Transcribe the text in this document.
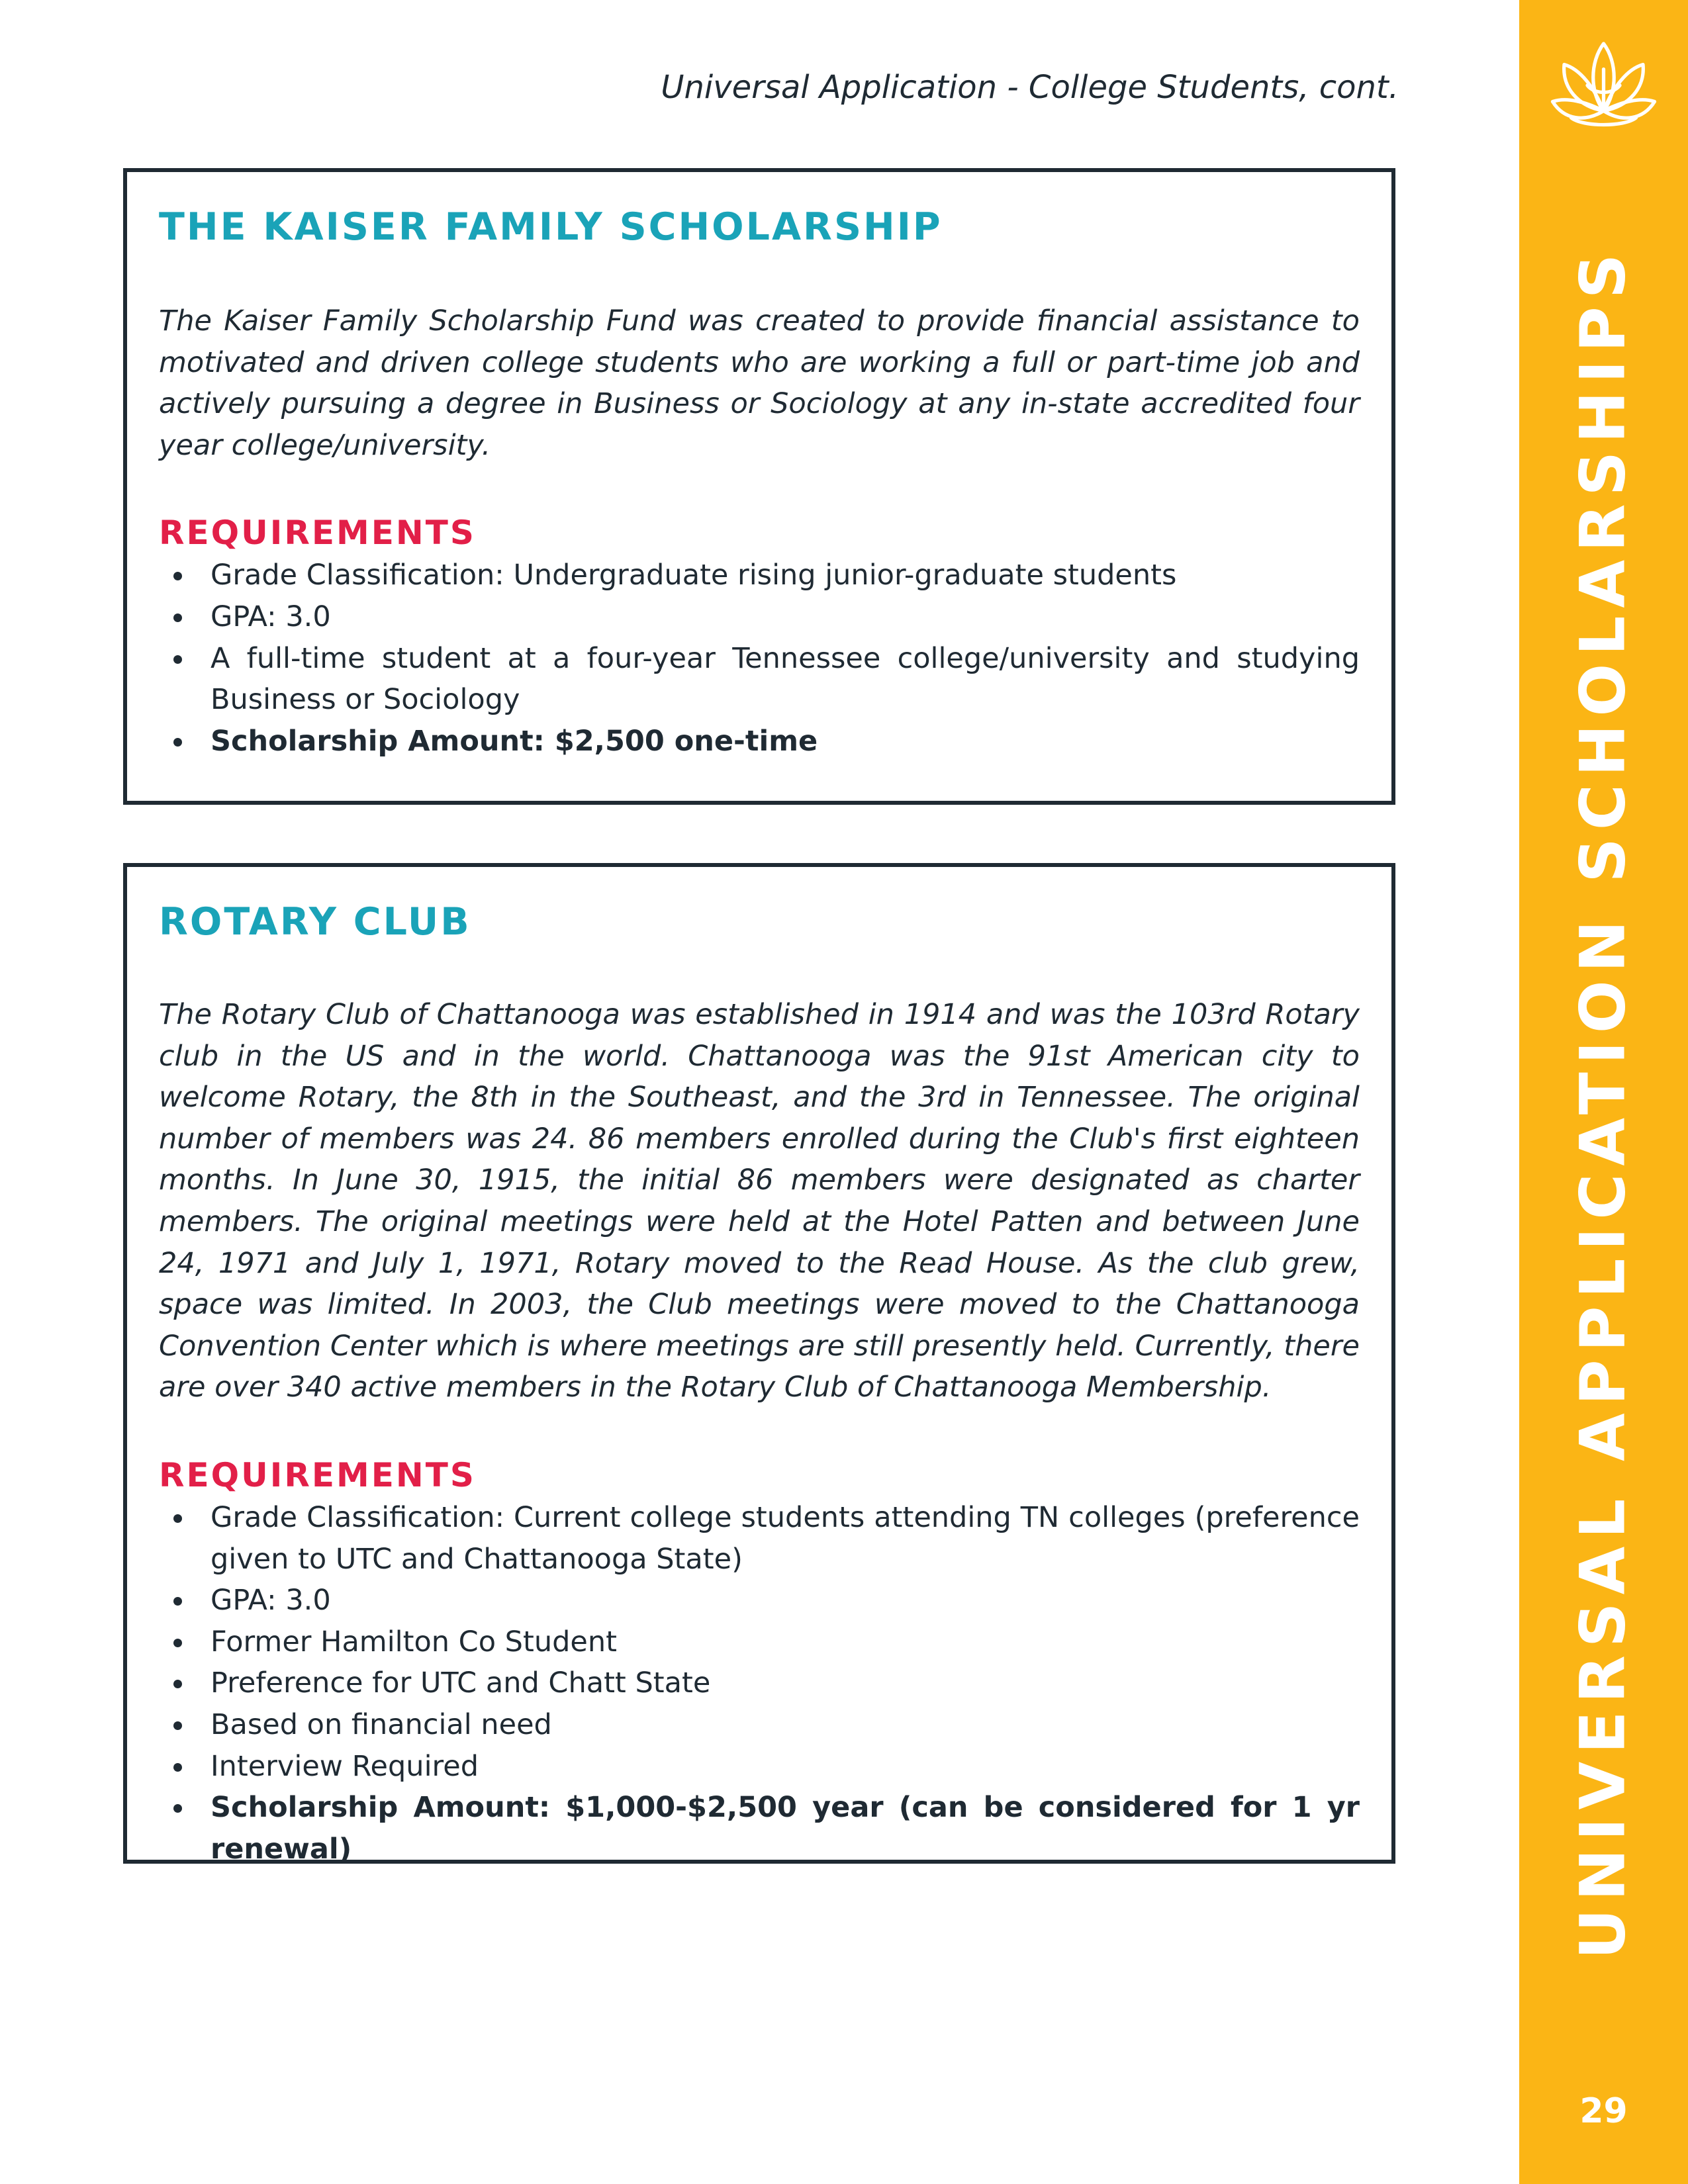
Universal Application - College Students, cont.
THE KAISER FAMILY SCHOLARSHIP

The Kaiser Family Scholarship Fund was created to provide financial assistance to motivated and driven college students who are working a full or part-time job and actively pursuing a degree in Business or Sociology at any in-state accredited four year college/university.

REQUIREMENTS
Grade Classification: Undergraduate rising junior-graduate students
GPA: 3.0
A full-time student at a four-year Tennessee college/university and studying Business or Sociology
Scholarship Amount: $2,500 one-time
ROTARY CLUB

The Rotary Club of Chattanooga was established in 1914 and was the 103rd Rotary club in the US and in the world. Chattanooga was the 91st American city to welcome Rotary, the 8th in the Southeast, and the 3rd in Tennessee. The original number of members was 24. 86 members enrolled during the Club's first eighteen months. In June 30, 1915, the initial 86 members were designated as charter members. The original meetings were held at the Hotel Patten and between June 24, 1971 and July 1, 1971, Rotary moved to the Read House. As the club grew, space was limited. In 2003, the Club meetings were moved to the Chattanooga Convention Center which is where meetings are still presently held. Currently, there are over 340 active members in the Rotary Club of Chattanooga Membership.

REQUIREMENTS
Grade Classification: Current college students attending TN colleges (preference given to UTC and Chattanooga State)
GPA: 3.0
Former Hamilton Co Student
Preference for UTC and Chatt State
Based on financial need
Interview Required
Scholarship Amount: $1,000-$2,500 year (can be considered for 1 yr renewal)	UNIVERSAL APPLICATION SCHOLARSHIPS
29
